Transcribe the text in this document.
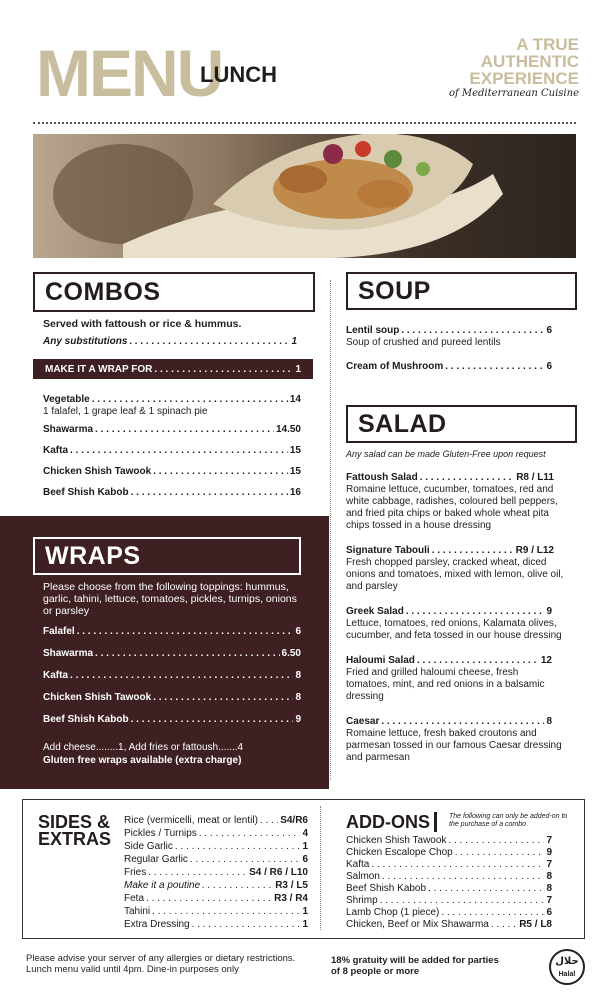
MENU
LUNCH
A TRUE
AUTHENTIC
EXPERIENCE
of Mediterranean Cuisine
COMBOS
Served with fattoush or rice & hummus.
Any substitutions . . .	1
MAKE IT A WRAP FOR . . .	1
Vegetable . . .	14
1 falafel, 1 grape leaf & 1 spinach pie
Shawarma . . .	14.50
Kafta . . .	15
Chicken Shish Tawook . . .	15
Beef Shish Kabob . . .	16
WRAPS
Please choose from the following toppings: hummus, garlic, tahini, lettuce, tomatoes, pickles, turnips, onions or parsley
Falafel . . .	6
Shawarma . . .	6.50
Kafta . . .	8
Chicken Shish Tawook . . .	8
Beef Shish Kabob . . .	9
Add cheese........1, Add fries or fattoush.......4
Gluten free wraps available (extra charge)
SOUP
Lentil soup . . .	6
Soup of crushed and pureed lentils
Cream of Mushroom . . .	6
SALAD
Any salad can be made Gluten-Free upon request
Fattoush Salad . . .	R8 / L11
Romaine lettuce, cucumber, tomatoes, red and white cabbage, radishes, coloured bell peppers, and fried pita chips or baked whole wheat pita chips tossed in a house dressing
Signature Tabouli . . .	R9 / L12
Fresh chopped parsley, cracked wheat, diced onions and tomatoes, mixed with lemon, olive oil, and parsley
Greek Salad . . .	9
Lettuce, tomatoes, red onions, Kalamata olives, cucumber, and feta tossed in our house dressing
Haloumi Salad . . .	12
Fried and grilled haloumi cheese, fresh tomatoes, mint, and red onions in a balsamic dressing
Caesar . . .	8
Romaine lettuce, fresh baked croutons and parmesan tossed in our famous Caesar dressing and parmesan
SIDES &
EXTRAS
Rice (vermicelli, meat or lentil) . . . S4/R6
Pickles / Turnips . . .	4
Side Garlic . . .	1
Regular Garlic . . .	6
Fries . . .	S4 / R6 / L10
Make it a poutine . . .	R3 / L5
Feta . . .	R3 / R4
Tahini . . .	1
Extra Dressing . . .	1
ADD-ONS	The following can only be added-on to the purchase of a combo
Chicken Shish Tawook . . .	7
Chicken Escalope Chop . . .	9
Kafta . . .	7
Salmon . . .	8
Beef Shish Kabob . . .	8
Shrimp . . .	7
Lamb Chop (1 piece) . . .	6
Chicken, Beef or Mix Shawarma . . .	R5 / L8
Please advise your server of any allergies or dietary restrictions.
Lunch menu valid until 4pm. Dine-in purposes only
18% gratuity will be added for parties
of 8 people or more
حلال
Halal
